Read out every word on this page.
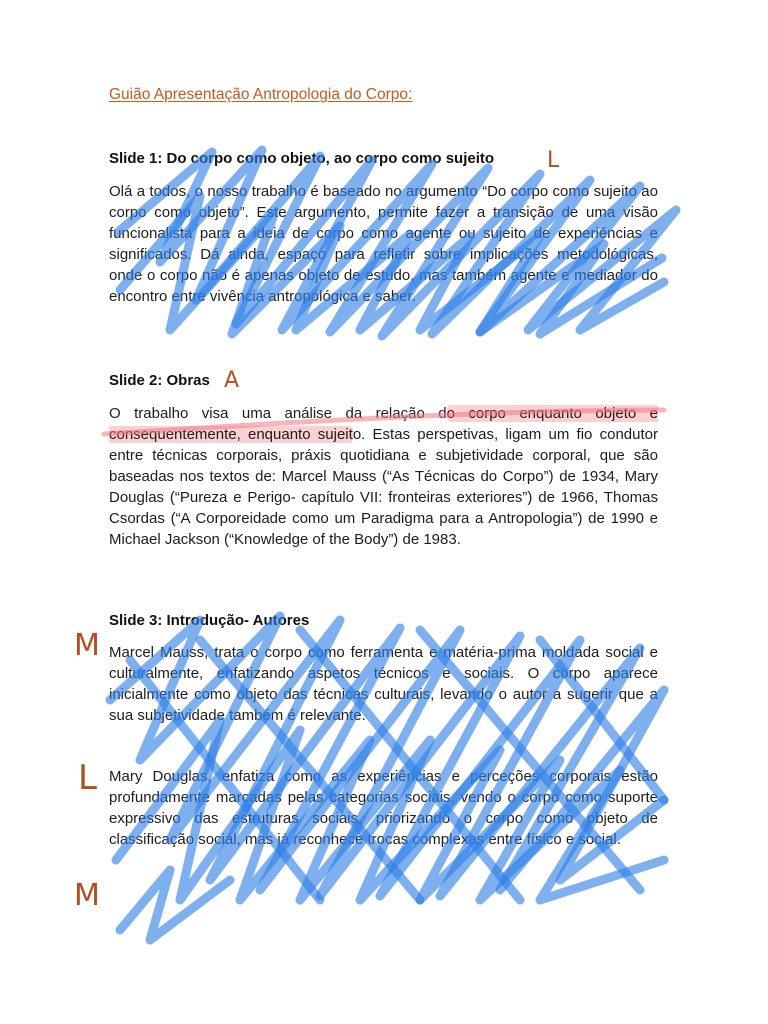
Guião Apresentação Antropologia do Corpo:
Slide 1: Do corpo como objeto, ao corpo como sujeito L
Olá a todos, o nosso trabalho é baseado no argumento “Do corpo como sujeito ao corpo como objeto”. Este argumento, permite fazer a transição de uma visão funcionalista para a ideia de corpo como agente ou sujeito de experiências e significados. Dá ainda, espaço para refletir sobre implicações metodológicas, onde o corpo não é apenas objeto de estudo, mas também agente e mediador do encontro entre vivência antropológica e saber.
Slide 2: Obras A
O trabalho visa uma análise da relação do corpo enquanto objeto e consequentemente, enquanto sujeito. Estas perspetivas, ligam um fio condutor entre técnicas corporais, práxis quotidiana e subjetividade corporal, que são baseadas nos textos de: Marcel Mauss (“As Técnicas do Corpo”) de 1934, Mary Douglas (“Pureza e Perigo- capítulo VII: fronteiras exteriores”) de 1966, Thomas Csordas (“A Corporeidade como um Paradigma para a Antropologia”) de 1990 e Michael Jackson (“Knowledge of the Body”) de 1983.
Slide 3: Introdução- Autores
M Marcel Mauss, trata o corpo como ferramenta e matéria-prima moldada social e culturalmente, enfatizando aspetos técnicos e sociais. O corpo aparece inicialmente como objeto das técnicas culturais, levando o autor a sugerir que a sua subjetividade também é relevante.
L Mary Douglas, enfatiza como as experiências e perceções corporais estão profundamente marcadas pelas categorias sociais, vendo o corpo como suporte expressivo das estruturas sociais, priorizando o corpo como objeto de classificação social, mas já reconhece trocas complexas entre físico e social.
M
